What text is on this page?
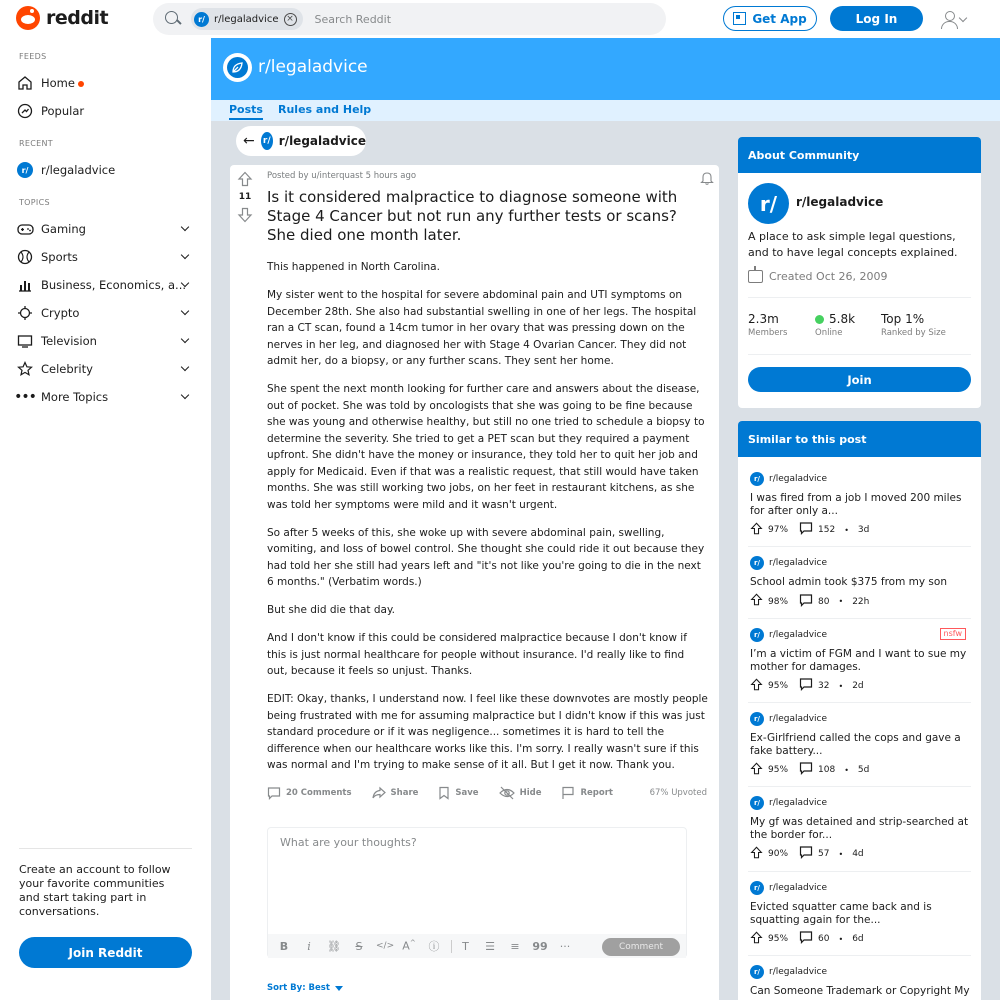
reddit	r/ r/legaladvice ×
Search Reddit	Get App	Log In
FEEDS
Home
Popular
RECENT
r/	r/legaladvice
TOPICS
Gaming
Sports
Business, Economics, a...
Crypto
Television
Celebrity
••• More Topics
Create an account to follow your favorite communities and start taking part in conversations.
Join Reddit
r/legaladvice
Posts Rules and Help
← r/ r/legaladvice
11
Posted by u/interquast 5 hours ago
Is it considered malpractice to diagnose someone with Stage 4 Cancer but not run any further tests or scans? She died one month later.

This happened in North Carolina.

My sister went to the hospital for severe abdominal pain and UTI symptoms on December 28th. She also had substantial swelling in one of her legs. The hospital ran a CT scan, found a 14cm tumor in her ovary that was pressing down on the nerves in her leg, and diagnosed her with Stage 4 Ovarian Cancer. They did not admit her, do a biopsy, or any further scans. They sent her home.

She spent the next month looking for further care and answers about the disease, out of pocket. She was told by oncologists that she was going to be fine because she was young and otherwise healthy, but still no one tried to schedule a biopsy to determine the severity. She tried to get a PET scan but they required a payment upfront. She didn't have the money or insurance, they told her to quit her job and apply for Medicaid. Even if that was a realistic request, that still would have taken months. She was still working two jobs, on her feet in restaurant kitchens, as she was told her symptoms were mild and it wasn't urgent.

So after 5 weeks of this, she woke up with severe abdominal pain, swelling, vomiting, and loss of bowel control. She thought she could ride it out because they had told her she still had years left and "it's not like you're going to die in the next 6 months." (Verbatim words.)

But she did die that day.

And I don't know if this could be considered malpractice because I don't know if this is just normal healthcare for people without insurance. I'd really like to find out, because it feels so unjust. Thanks.

EDIT: Okay, thanks, I understand now. I feel like these downvotes are mostly people being frustrated with me for assuming malpractice but I didn't know if this was just standard procedure or if it was negligence... sometimes it is hard to tell the difference when our healthcare works like this. I'm sorry. I really wasn't sure if this was normal and I'm trying to make sense of it all. But I get it now. Thank you.

20 Comments	Share	Save	Hide	Report	67% Upvoted
What are your thoughts?
B	i	⛓	S	</> A^ ⓘ	T	☰	≡	99 ···	Comment
Sort By: Best
About Community
r/	r/legaladvice
A place to ask simple legal questions, and to have legal concepts explained.
Created Oct 26, 2009
2.3m
Members
5.8k
Online
Top 1%
Ranked by Size
Join
Similar to this post
r/	r/legaladvice
I was fired from a job I moved 200 miles for after only a...
97%	152 • 3d
r/	r/legaladvice
School admin took $375 from my son
98%	80 • 22h
r/	r/legaladvice	nsfw
I’m a victim of FGM and I want to sue my mother for damages.
95%	32 • 2d
r/	r/legaladvice
Ex-Girlfriend called the cops and gave a fake battery...
95%	108 • 5d
r/	r/legaladvice
My gf was detained and strip-searched at the border for...
90%	57 • 4d
r/	r/legaladvice
Evicted squatter came back and is squatting again for the...
95%	60 • 6d
r/	r/legaladvice
Can Someone Trademark or Copyright My
